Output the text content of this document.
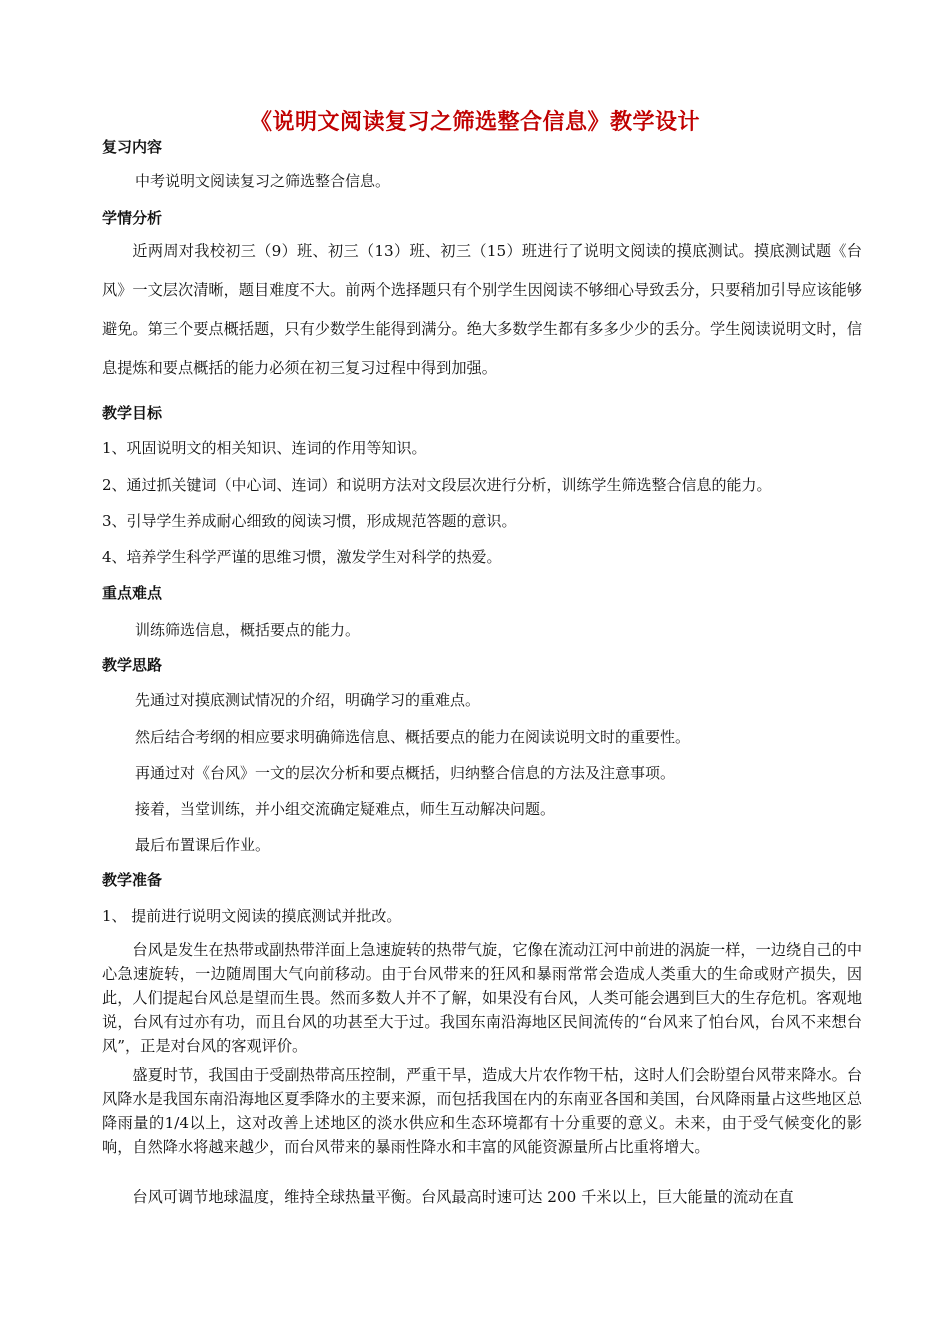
《说明文阅读复习之筛选整合信息》教学设计
复习内容
中考说明文阅读复习之筛选整合信息。
学情分析
近两周对我校初三（9）班、初三（13）班、初三（15）班进行了说明文阅读的摸底测试。摸底测试题《台风》一文层次清晰，题目难度不大。前两个选择题只有个别学生因阅读不够细心导致丢分，只要稍加引导应该能够避免。第三个要点概括题，只有少数学生能得到满分。绝大多数学生都有多多少少的丢分。学生阅读说明文时，信息提炼和要点概括的能力必须在初三复习过程中得到加强。
教学目标
1、巩固说明文的相关知识、连词的作用等知识。
2、通过抓关键词（中心词、连词）和说明方法对文段层次进行分析，训练学生筛选整合信息的能力。
3、引导学生养成耐心细致的阅读习惯，形成规范答题的意识。
4、培养学生科学严谨的思维习惯，激发学生对科学的热爱。
重点难点
训练筛选信息，概括要点的能力。
教学思路
先通过对摸底测试情况的介绍，明确学习的重难点。
然后结合考纲的相应要求明确筛选信息、概括要点的能力在阅读说明文时的重要性。
再通过对《台风》一文的层次分析和要点概括，归纳整合信息的方法及注意事项。
接着，当堂训练，并小组交流确定疑难点，师生互动解决问题。
最后布置课后作业。
教学准备
1、 提前进行说明文阅读的摸底测试并批改。
台风是发生在热带或副热带洋面上急速旋转的热带气旋，它像在流动江河中前进的涡旋一样，一边绕自己的中心急速旋转，一边随周围大气向前移动。由于台风带来的狂风和暴雨常常会造成人类重大的生命或财产损失，因此，人们提起台风总是望而生畏。然而多数人并不了解，如果没有台风，人类可能会遇到巨大的生存危机。客观地说，台风有过亦有功，而且台风的功甚至大于过。我国东南沿海地区民间流传的“台风来了怕台风，台风不来想台风”，正是对台风的客观评价。
盛夏时节，我国由于受副热带高压控制，严重干旱，造成大片农作物干枯，这时人们会盼望台风带来降水。台风降水是我国东南沿海地区夏季降水的主要来源，而包括我国在内的东南亚各国和美国，台风降雨量占这些地区总降雨量的1/4以上，这对改善上述地区的淡水供应和生态环境都有十分重要的意义。未来，由于受气候变化的影响，自然降水将越来越少，而台风带来的暴雨性降水和丰富的风能资源量所占比重将增大。
台风可调节地球温度，维持全球热量平衡。台风最高时速可达 200 千米以上，巨大能量的流动在直
